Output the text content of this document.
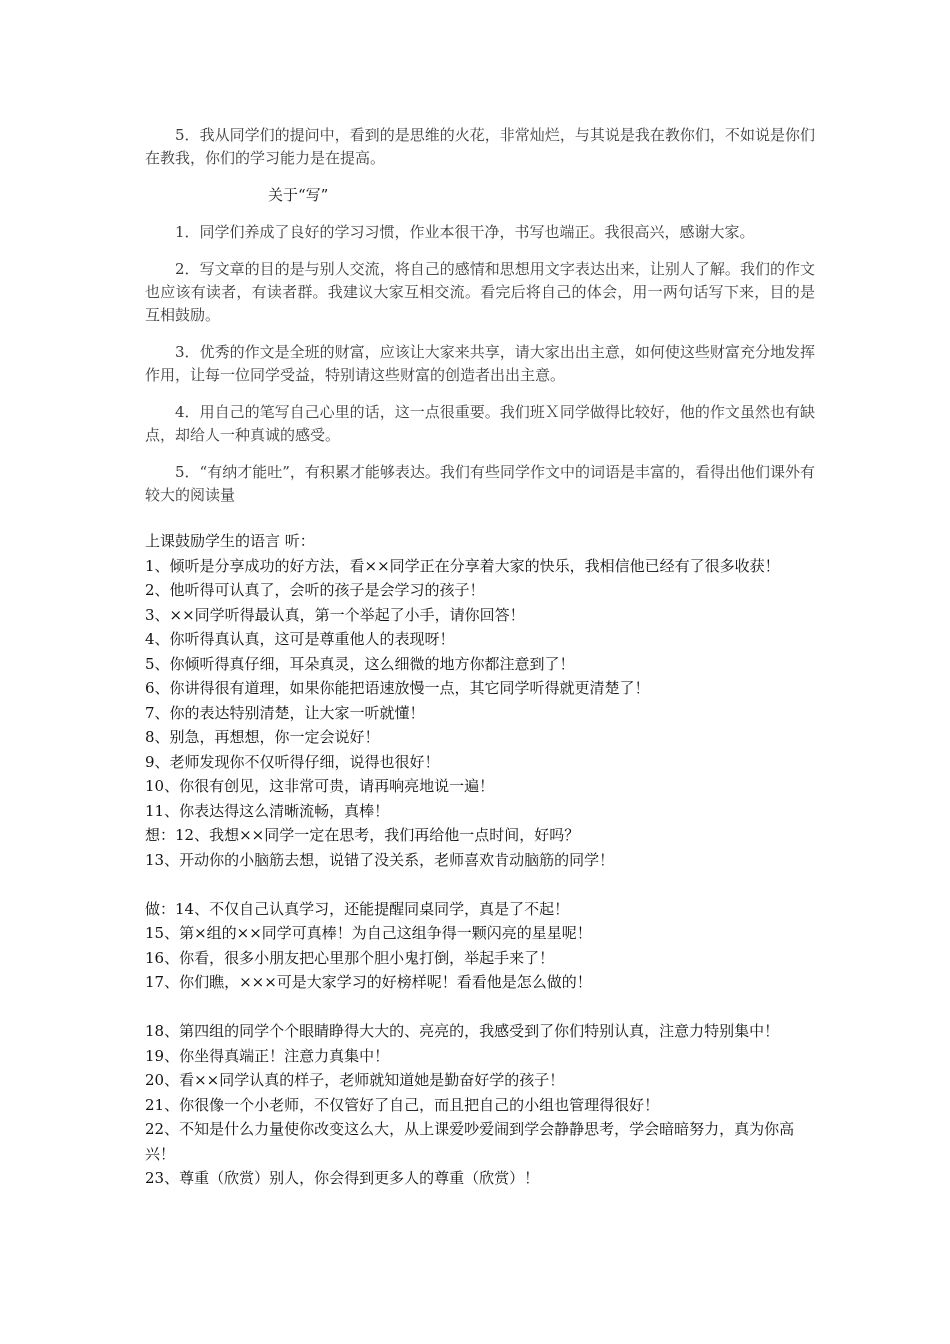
5．我从同学们的提问中，看到的是思维的火花，非常灿烂，与其说是我在教你们，不如说是你们在教我，你们的学习能力是在提高。

关于“写”

1．同学们养成了良好的学习习惯，作业本很干净，书写也端正。我很高兴，感谢大家。

2．写文章的目的是与别人交流，将自己的感情和思想用文字表达出来，让别人了解。我们的作文也应该有读者，有读者群。我建议大家互相交流。看完后将自己的体会，用一两句话写下来，目的是互相鼓励。

3．优秀的作文是全班的财富，应该让大家来共享，请大家出出主意，如何使这些财富充分地发挥作用，让每一位同学受益，特别请这些财富的创造者出出主意。

4．用自己的笔写自己心里的话，这一点很重要。我们班Ｘ同学做得比较好，他的作文虽然也有缺点，却给人一种真诚的感受。

5．“有纳才能吐”，有积累才能够表达。我们有些同学作文中的词语是丰富的，看得出他们课外有较大的阅读量

上课鼓励学生的语言 听：

1、倾听是分享成功的好方法，看××同学正在分享着大家的快乐，我相信他已经有了很多收获！

2、他听得可认真了，会听的孩子是会学习的孩子！

3、××同学听得最认真，第一个举起了小手，请你回答！

4、你听得真认真，这可是尊重他人的表现呀！

5、你倾听得真仔细，耳朵真灵，这么细微的地方你都注意到了！

6、你讲得很有道理，如果你能把语速放慢一点，其它同学听得就更清楚了！

7、你的表达特别清楚，让大家一听就懂！

8、别急，再想想，你一定会说好！

9、老师发现你不仅听得仔细，说得也很好！

10、你很有创见，这非常可贵，请再响亮地说一遍！

11、你表达得这么清晰流畅，真棒！

想：12、我想××同学一定在思考，我们再给他一点时间，好吗？

13、开动你的小脑筋去想，说错了没关系，老师喜欢肯动脑筋的同学！

做：14、不仅自己认真学习，还能提醒同桌同学，真是了不起！

15、第×组的××同学可真棒！为自己这组争得一颗闪亮的星星呢！

16、你看，很多小朋友把心里那个胆小鬼打倒，举起手来了！

17、你们瞧，×××可是大家学习的好榜样呢！看看他是怎么做的！

18、第四组的同学个个眼睛睁得大大的、亮亮的，我感受到了你们特别认真，注意力特别集中！

19、你坐得真端正！注意力真集中！

20、看××同学认真的样子，老师就知道她是勤奋好学的孩子！

21、你很像一个小老师，不仅管好了自己，而且把自己的小组也管理得很好！

22、不知是什么力量使你改变这么大，从上课爱吵爱闹到学会静静思考，学会暗暗努力，真为你高兴！

23、尊重（欣赏）别人，你会得到更多人的尊重（欣赏）！
